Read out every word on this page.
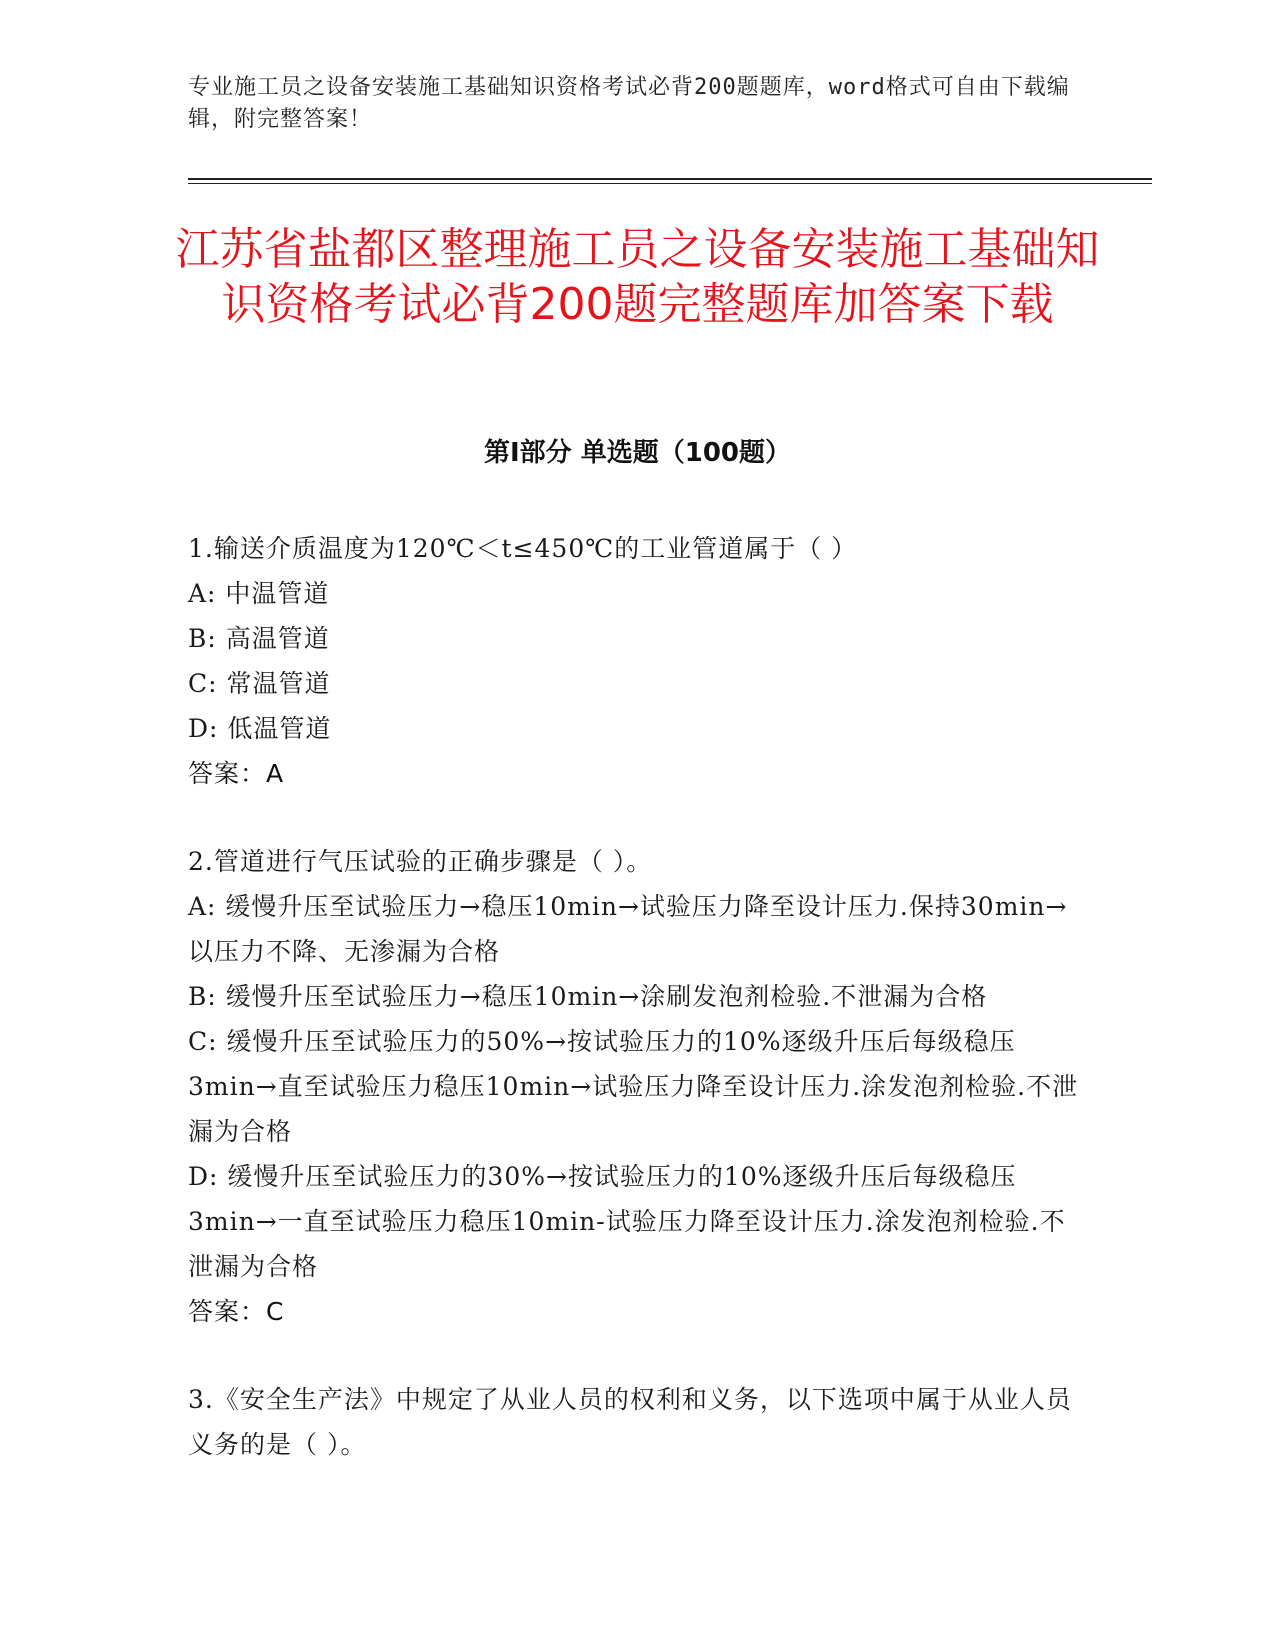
专业施工员之设备安装施工基础知识资格考试必背200题题库，word格式可自由下载编辑，附完整答案！
江苏省盐都区整理施工员之设备安装施工基础知识资格考试必背200题完整题库加答案下载
第Ⅰ部分 单选题（100题）

1.输送介质温度为120℃＜t≤450℃的工业管道属于（ ）

A: 中温管道

B: 高温管道

C: 常温管道

D: 低温管道

答案：A

2.管道进行气压试验的正确步骤是（ ）。

A: 缓慢升压至试验压力→稳压10min→试验压力降至设计压力.保持30min→以压力不降、无渗漏为合格

B: 缓慢升压至试验压力→稳压10min→涂刷发泡剂检验.不泄漏为合格

C: 缓慢升压至试验压力的50%→按试验压力的10%逐级升压后每级稳压3min→直至试验压力稳压10min→试验压力降至设计压力.涂发泡剂检验.不泄漏为合格

D: 缓慢升压至试验压力的30%→按试验压力的10%逐级升压后每级稳压3min→一直至试验压力稳压10min-试验压力降至设计压力.涂发泡剂检验.不泄漏为合格

答案：C

3.《安全生产法》中规定了从业人员的权利和义务，以下选项中属于从业人员义务的是（ ）。
